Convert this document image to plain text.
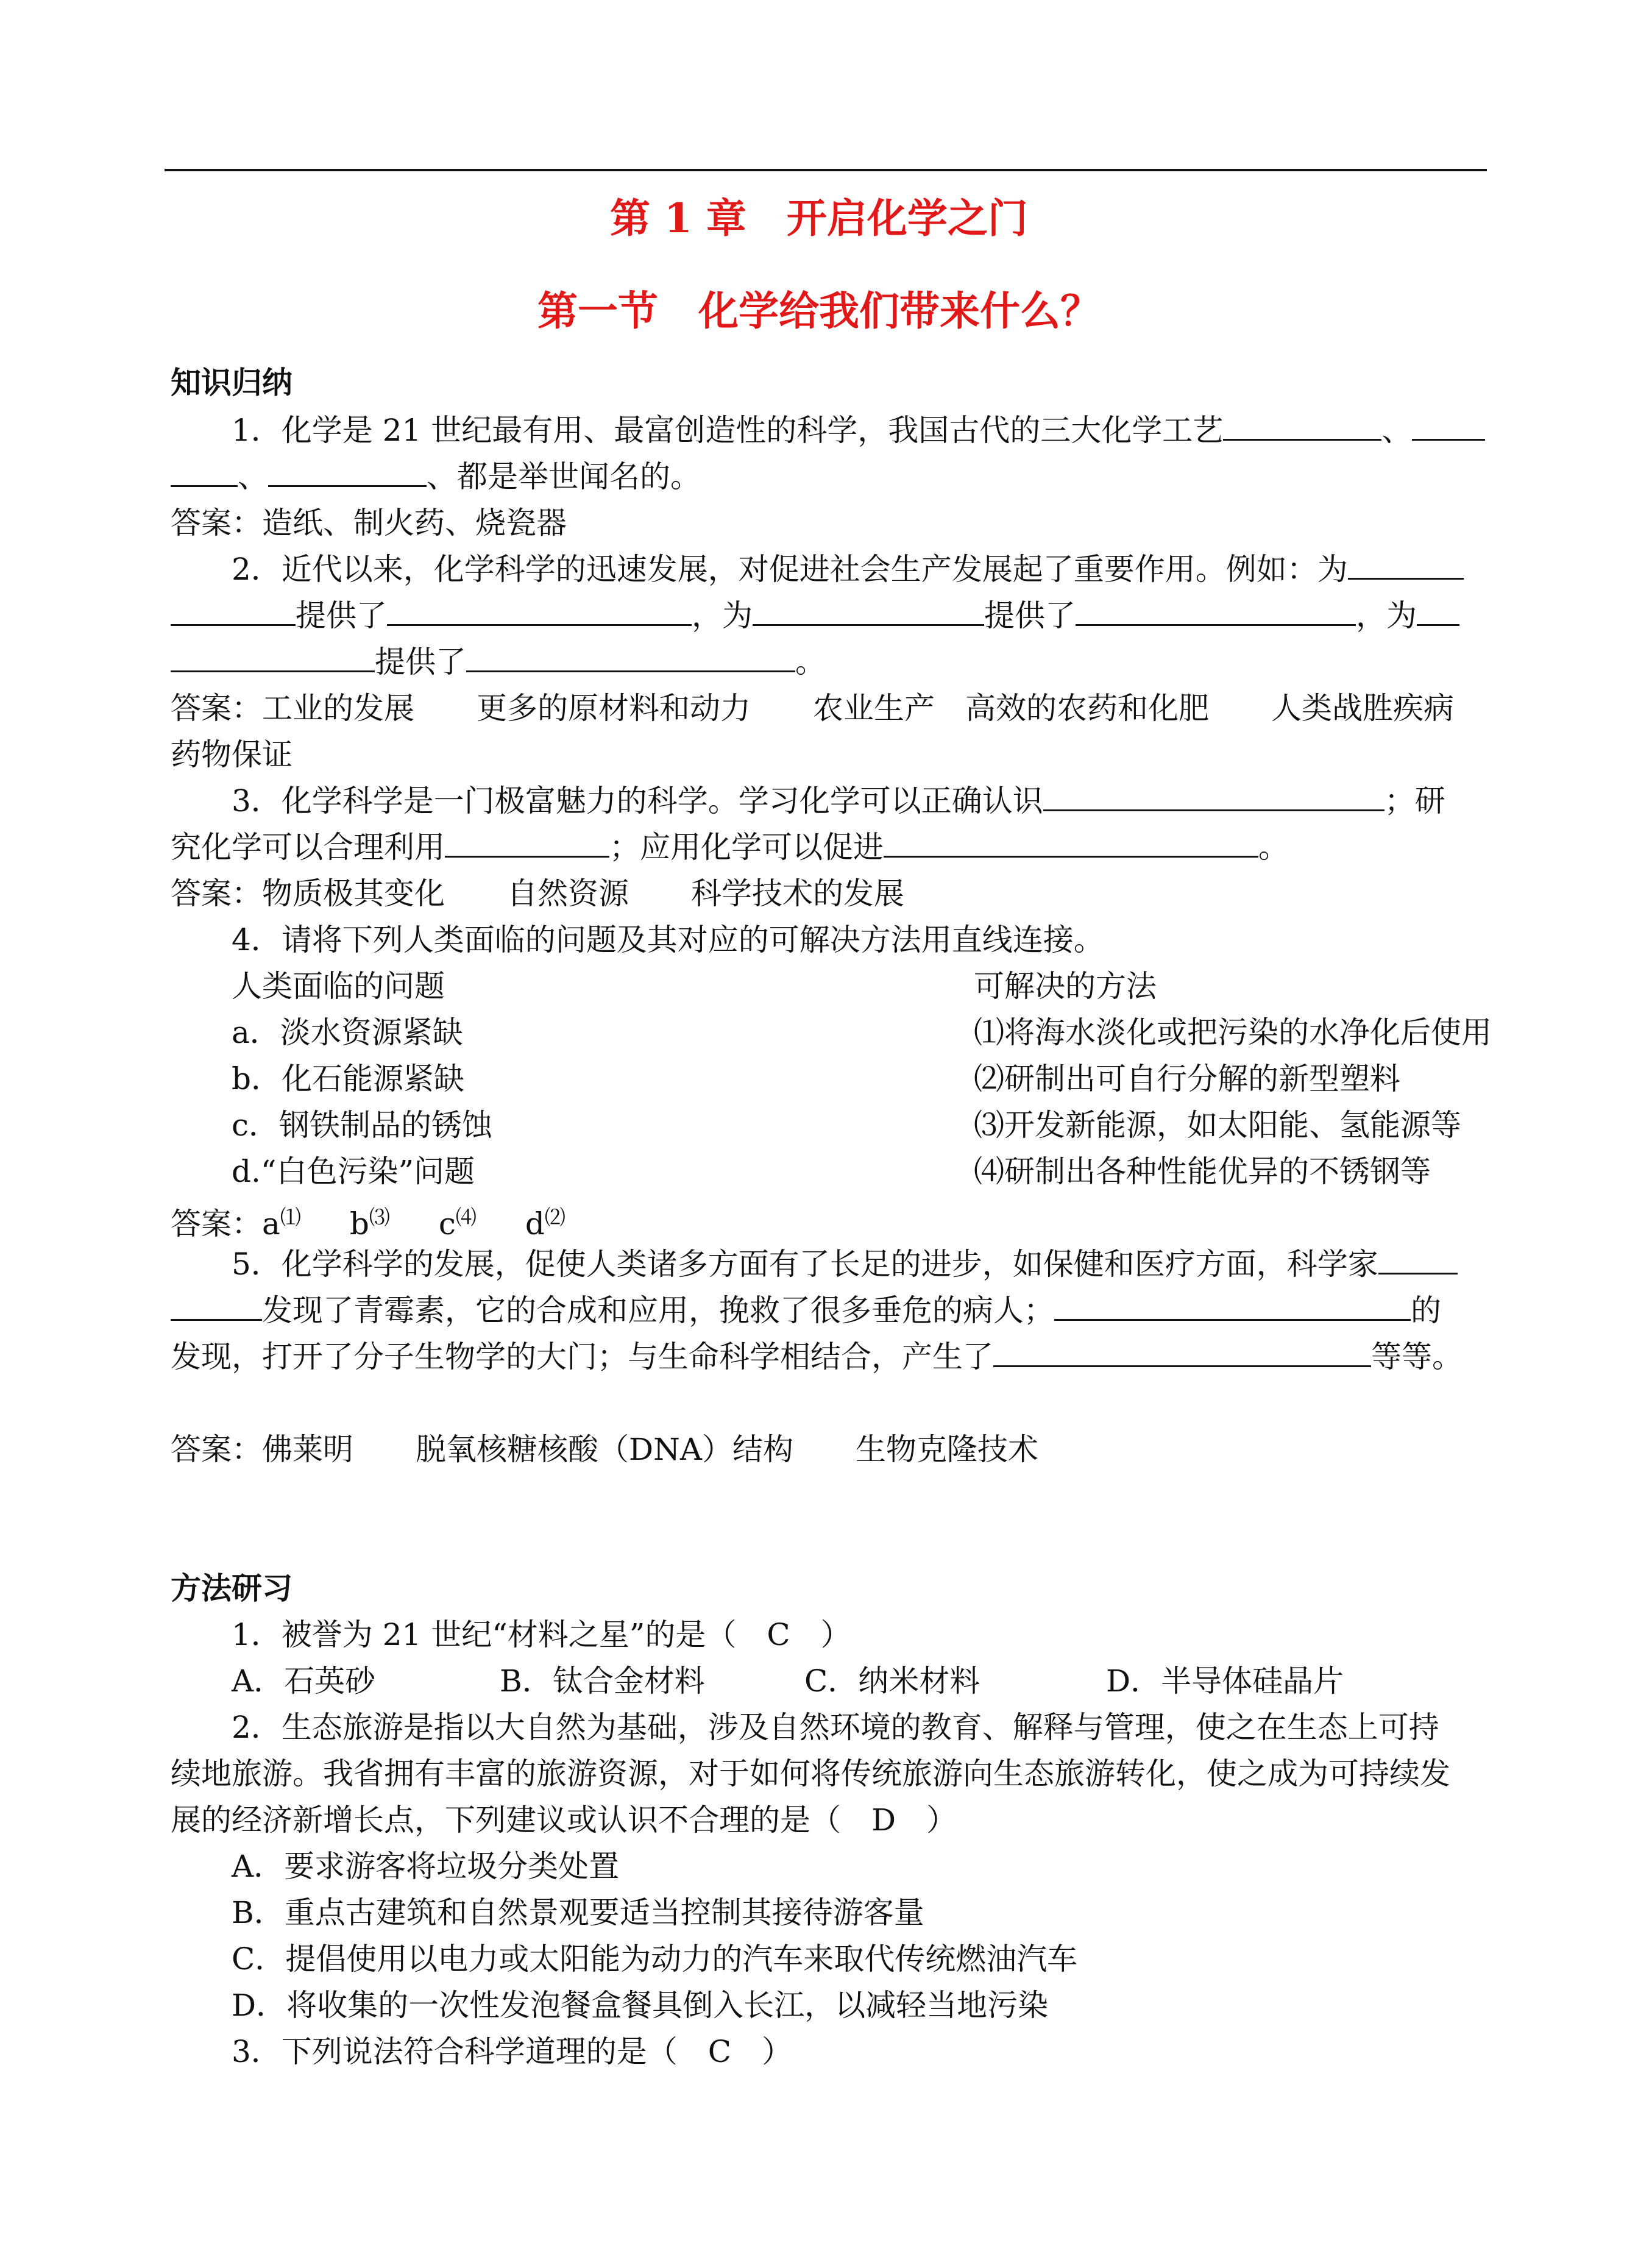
第 1 章　开启化学之门
第一节　化学给我们带来什么？
知识归纳
1．化学是 21 世纪最有用、最富创造性的科学，我国古代的三大化学工艺	、
、	、都是举世闻名的。
答案：造纸、制火药、烧瓷器
2．近代以来，化学科学的迅速发展，对促进社会生产发展起了重要作用。例如：为
提供了	，为	提供了	，为
提供了	。
答案：工业的发展 更多的原材料和动力 农业生产 高效的农药和化肥 人类战胜疾病
药物保证
3．化学科学是一门极富魅力的科学。学习化学可以正确认识	；研
究化学可以合理利用	；应用化学可以促进	。
答案：物质极其变化 自然资源 科学技术的发展
4．请将下列人类面临的问题及其对应的可解决方法用直线连接。
人类面临的问题	可解决的方法
a．淡水资源紧缺	⑴将海水淡化或把污染的水净化后使用
b．化石能源紧缺	⑵研制出可自行分解的新型塑料
c．钢铁制品的锈蚀	⑶开发新能源，如太阳能、氢能源等
d.“白色污染”问题	⑷研制出各种性能优异的不锈钢等
答案：a⑴ b⑶ c⑷ d⑵
5．化学科学的发展，促使人类诸多方面有了长足的进步，如保健和医疗方面，科学家
发现了青霉素，它的合成和应用，挽救了很多垂危的病人；	的
发现，打开了分子生物学的大门；与生命科学相结合，产生了	等等。
答案：佛莱明 脱氧核糖核酸（DNA）结构 生物克隆技术
方法研习
1．被誉为 21 世纪“材料之星”的是（　C　）
A．石英砂	B．钛合金材料	C．纳米材料	D．半导体硅晶片
2．生态旅游是指以大自然为基础，涉及自然环境的教育、解释与管理，使之在生态上可持
续地旅游。我省拥有丰富的旅游资源，对于如何将传统旅游向生态旅游转化，使之成为可持续发
展的经济新增长点，下列建议或认识不合理的是（　D　）
A．要求游客将垃圾分类处置
B．重点古建筑和自然景观要适当控制其接待游客量
C．提倡使用以电力或太阳能为动力的汽车来取代传统燃油汽车
D．将收集的一次性发泡餐盒餐具倒入长江，以减轻当地污染
3．下列说法符合科学道理的是（　C　）
